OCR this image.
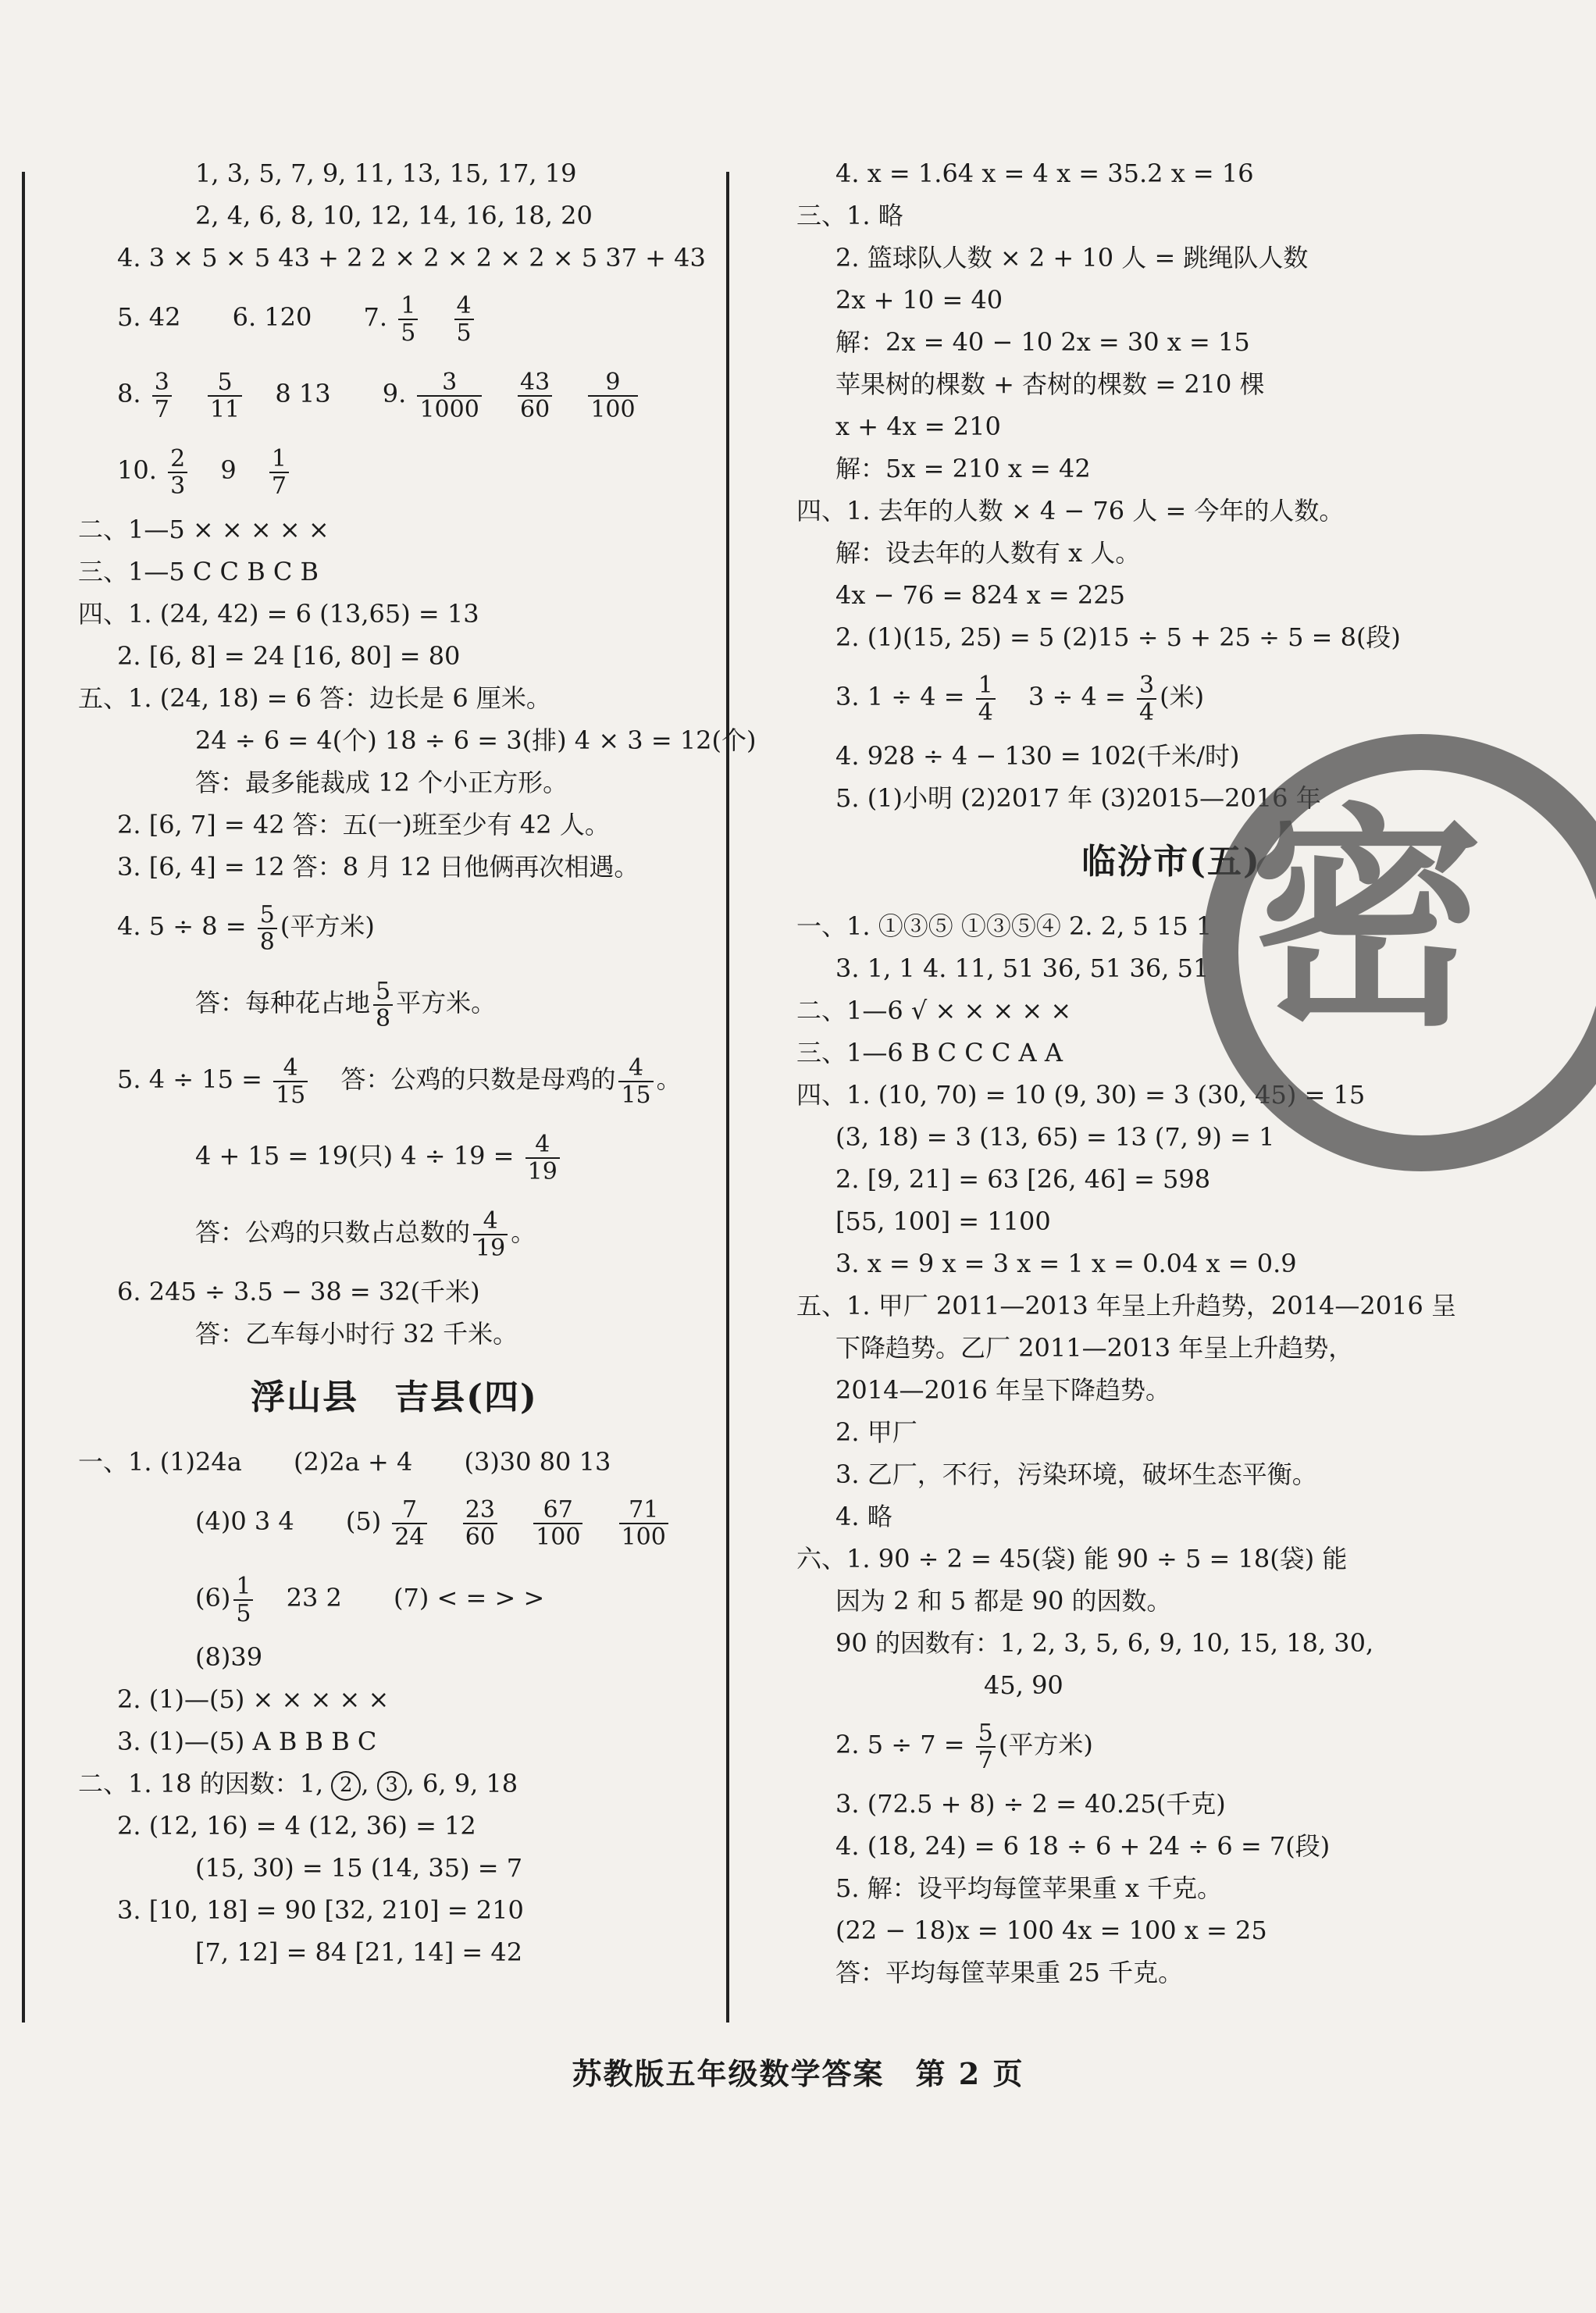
1, 3, 5, 7, 9, 11, 13, 15, 17, 19
2, 4, 6, 8, 10, 12, 14, 16, 18, 20
4. 3 × 5 × 5 43 + 2 2 × 2 × 2 × 2 × 5 37 + 43
5. 42 6. 120 7. $\frac{1}{5}$
$\frac{4}{5}$
8. $\frac{3}{7}$
$\frac{5}{11} 8$ 13 9. $\frac{3}{1000}$
$\frac{43}{60}$
$\frac{9}{100}$
10. $\frac{2}{3} 9 \frac{1}{7}$
二、1—5 × × × × ×
三、1—5 C C B C B
四、1. (24, 42) = 6 (13,65) = 13
2. [6, 8] = 24 [16, 80] = 80
五、1. (24, 18) = 6 答：边长是 6 厘米。
24 ÷ 6 = 4(个) 18 ÷ 6 = 3(排) 4 × 3 = 12(个)
答：最多能裁成 12 个小正方形。
2. [6, 7] = 42 答：五(一)班至少有 42 人。
3. [6, 4] = 12 答：8 月 12 日他俩再次相遇。
4. $5 \div 8 = \frac{5}{8}$ (平方米)
答：每种花占地 $\frac{5}{8}$ 平方米。
5. $4 \div 15 = \frac{4}{15}$ 答：公鸡的只数是母鸡的 $\frac{4}{15}$ 。
4 + 15 = 19(只) $4 \div 19 = \frac{4}{19}$
答：公鸡的只数占总数的 $\frac{4}{19}$ 。
6. 245 ÷ 3.5 − 38 = 32(千米)
答：乙车每小时行 32 千米。
浮山县　吉县(四)
一、1. (1)24a (2)2a + 4 (3)30 80 13
(4)0 3 4 $(5) \frac{7}{24}$
$\frac{23}{60}$
$\frac{67}{100}$
$\frac{71}{100}$
$(6) \frac{1}{5} 23$ 2 (7) < = > >
(8)39
2. (1)—(5) × × × × ×
3. (1)—(5) A B B B C
二、1. 18 的因数：1, 2 , 3 , 6, 9, 18
2. (12, 16) = 4 (12, 36) = 12
(15, 30) = 15 (14, 35) = 7
3. [10, 18] = 90 [32, 210] = 210
[7, 12] = 84 [21, 14] = 42
4. x = 1.64 x = 4 x = 35.2 x = 16
三、1. 略
2. 篮球队人数 × 2 + 10 人 = 跳绳队人数
2x + 10 = 40
解：2x = 40 − 10 2x = 30 x = 15
苹果树的棵数 + 杏树的棵数 = 210 棵
x + 4x = 210
解：5x = 210 x = 42
四、1. 去年的人数 × 4 − 76 人 = 今年的人数。
解：设去年的人数有 x 人。
4x − 76 = 824 x = 225
2. (1)(15, 25) = 5 (2)15 ÷ 5 + 25 ÷ 5 = 8(段)
3. $1 \div 4 = \frac{1}{4} 3 \div 4 = \frac{3}{4}$ (米)
4. 928 ÷ 4 − 130 = 102(千米/时)
5. (1)小明 (2)2017 年 (3)2015—2016 年
临汾市(五)
一、1. ①③⑤ ①③⑤④ 2. 2, 5 15 1
3. 1, 1 4. 11, 51 36, 51 36, 51
二、1—6 √ × × × × ×
三、1—6 B C C C A A
四、1. (10, 70) = 10 (9, 30) = 3 (30, 45) = 15
(3, 18) = 3 (13, 65) = 13 (7, 9) = 1
2. [9, 21] = 63 [26, 46] = 598
[55, 100] = 1100
3. x = 9 x = 3 x = 1 x = 0.04 x = 0.9
五、1. 甲厂 2011—2013 年呈上升趋势，2014—2016 呈
下降趋势。乙厂 2011—2013 年呈上升趋势，
2014—2016 年呈下降趋势。
2. 甲厂
3. 乙厂，不行，污染环境，破坏生态平衡。
4. 略
六、1. 90 ÷ 2 = 45(袋) 能 90 ÷ 5 = 18(袋) 能
因为 2 和 5 都是 90 的因数。
90 的因数有：1, 2, 3, 5, 6, 9, 10, 15, 18, 30,
45, 90
2. $5 \div 7 = \frac{5}{7}$ (平方米)
3. (72.5 + 8) ÷ 2 = 40.25(千克)
4. (18, 24) = 6 18 ÷ 6 + 24 ÷ 6 = 7(段)
5. 解：设平均每筐苹果重 x 千克。
(22 − 18)x = 100 4x = 100 x = 25
答：平均每筐苹果重 25 千克。
密
苏教版五年级数学答案　第 2 页
